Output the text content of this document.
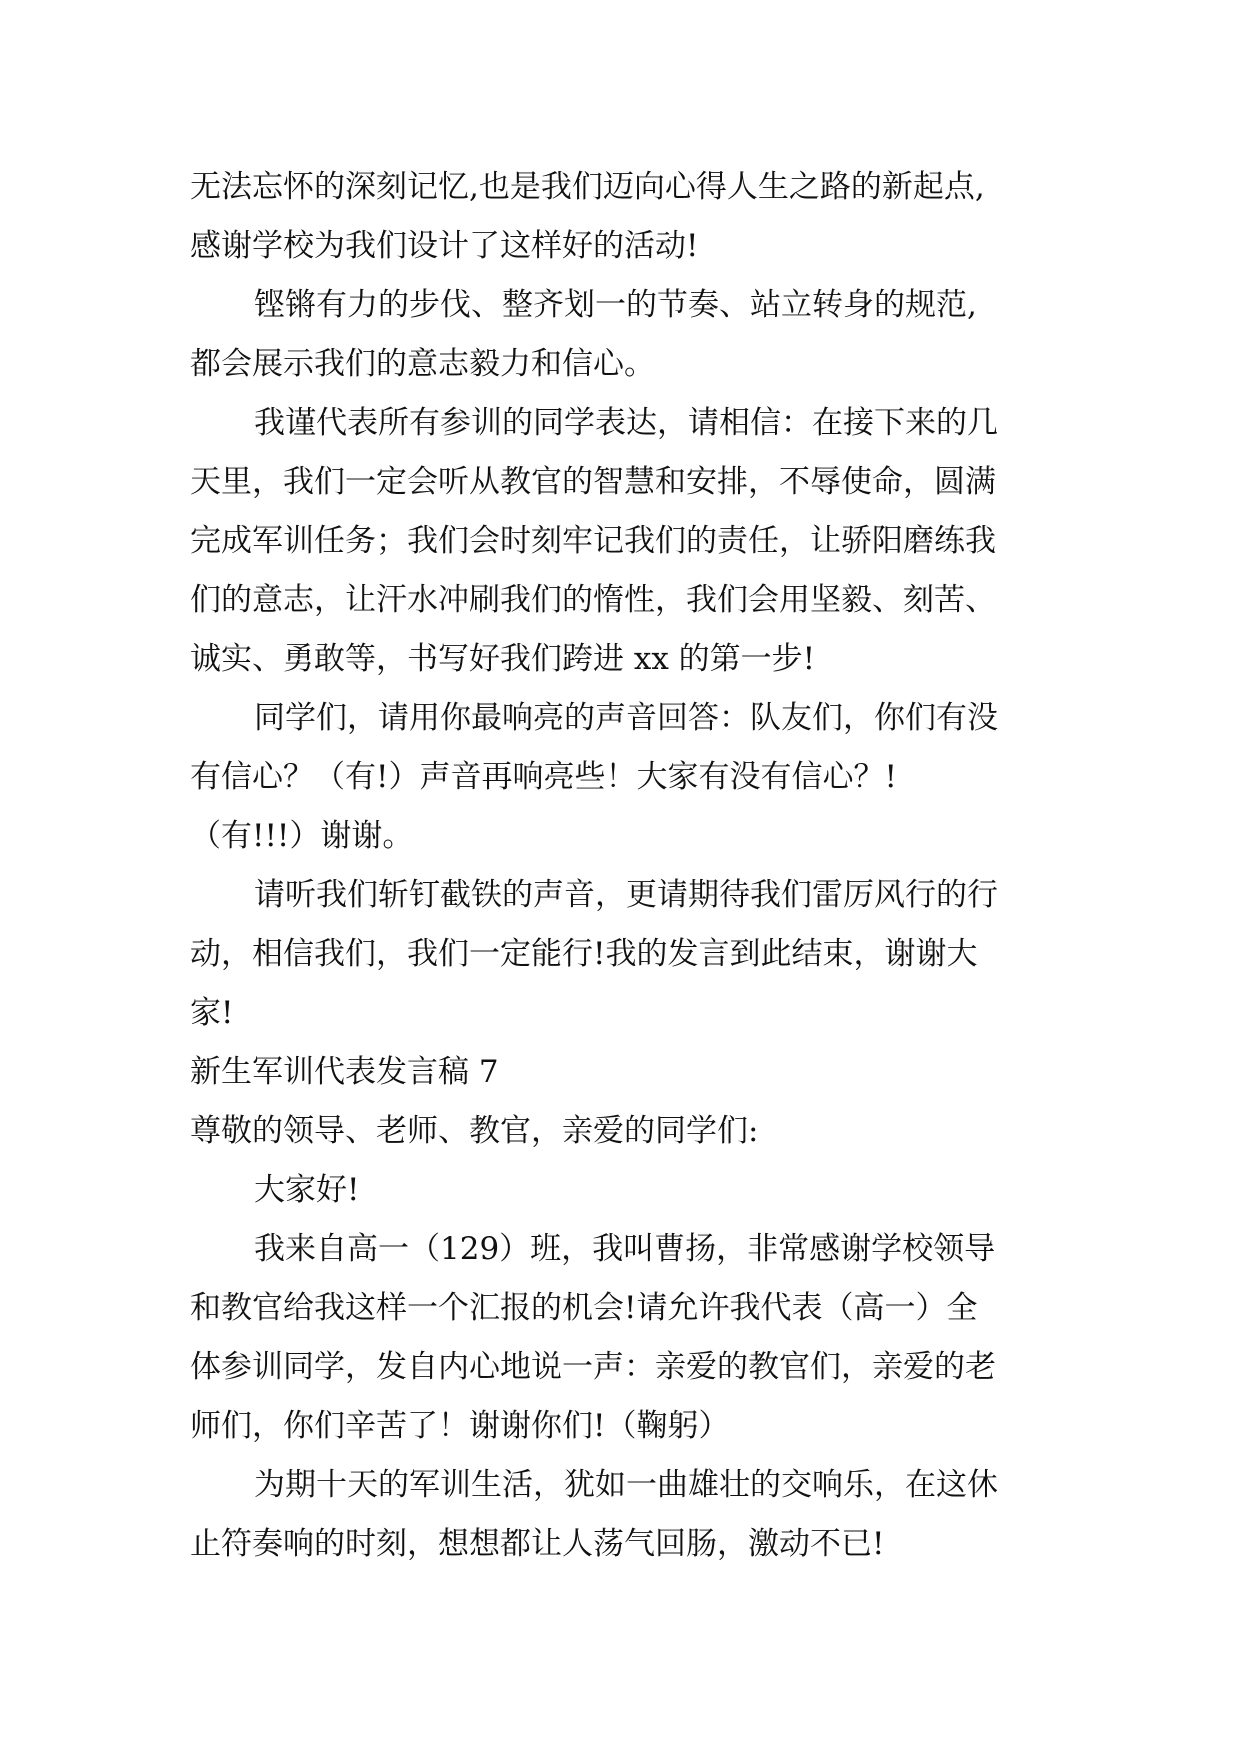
无法忘怀的深刻记忆,也是我们迈向心得人生之路的新起点,
感谢学校为我们设计了这样好的活动!
铿锵有力的步伐、整齐划一的节奏、站立转身的规范,
都会展示我们的意志毅力和信心。
我谨代表所有参训的同学表达，请相信：在接下来的几
天里，我们一定会听从教官的智慧和安排，不辱使命，圆满
完成军训任务；我们会时刻牢记我们的责任，让骄阳磨练我
们的意志，让汗水冲刷我们的惰性，我们会用坚毅、刻苦、
诚实、勇敢等，书写好我们跨进 xx 的第一步!
同学们，请用你最响亮的声音回答：队友们，你们有没
有信心？（有!）声音再响亮些！大家有没有信心？!
（有!!!）谢谢。
请听我们斩钉截铁的声音，更请期待我们雷厉风行的行
动，相信我们，我们一定能行!我的发言到此结束，谢谢大
家!
新生军训代表发言稿 7
尊敬的领导、老师、教官，亲爱的同学们:
大家好!
我来自高一（129）班，我叫曹扬，非常感谢学校领导
和教官给我这样一个汇报的机会!请允许我代表（高一）全
体参训同学，发自内心地说一声：亲爱的教官们，亲爱的老
师们，你们辛苦了！谢谢你们!（鞠躬）
为期十天的军训生活，犹如一曲雄壮的交响乐，在这休
止符奏响的时刻，想想都让人荡气回肠，激动不已!
